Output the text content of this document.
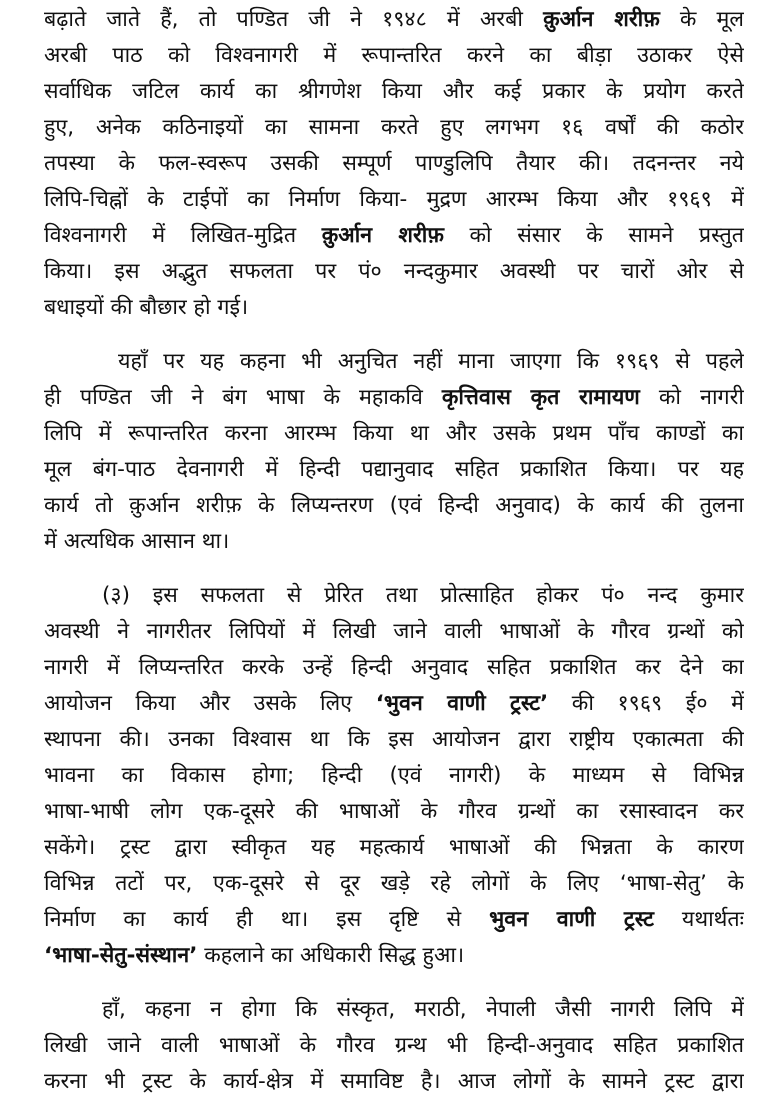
बढ़ाते जाते हैं, तो पण्डित जी ने १९४८ में अरबी क़ुर्आन शरीफ़ के मूल
अरबी पाठ को विश्वनागरी में रूपान्तरित करने का बीड़ा उठाकर ऐसे
सर्वाधिक जटिल कार्य का श्रीगणेश किया और कई प्रकार के प्रयोग करते
हुए, अनेक कठिनाइयों का सामना करते हुए लगभग १६ वर्षों की कठोर
तपस्या के फल-स्वरूप उसकी सम्पूर्ण पाण्डुलिपि तैयार की। तदनन्तर नये
लिपि-चिह्नों के टाईपों का निर्माण किया- मुद्रण आरम्भ किया और १९६९ में
विश्वनागरी में लिखित-मुद्रित क़ुर्आन शरीफ़ को संसार के सामने प्रस्तुत
किया। इस अद्भुत सफलता पर पं० नन्दकुमार अवस्थी पर चारों ओर से
बधाइयों की बौछार हो गई।
यहाँ पर यह कहना भी अनुचित नहीं माना जाएगा कि १९६९ से पहले
ही पण्डित जी ने बंग भाषा के महाकवि कृत्तिवास कृत रामायण को नागरी
लिपि में रूपान्तरित करना आरम्भ किया था और उसके प्रथम पाँच काण्डों का
मूल बंग-पाठ देवनागरी में हिन्दी पद्यानुवाद सहित प्रकाशित किया। पर यह
कार्य तो क़ुर्आन शरीफ़ के लिप्यन्तरण (एवं हिन्दी अनुवाद) के कार्य की तुलना
में अत्यधिक आसान था।
(३) इस सफलता से प्रेरित तथा प्रोत्साहित होकर पं० नन्द कुमार
अवस्थी ने नागरीतर लिपियों में लिखी जाने वाली भाषाओं के गौरव ग्रन्थों को
नागरी में लिप्यन्तरित करके उन्हें हिन्दी अनुवाद सहित प्रकाशित कर देने का
आयोजन किया और उसके लिए ‘भुवन वाणी ट्रस्ट’ की १९६९ ई० में
स्थापना की। उनका विश्वास था कि इस आयोजन द्वारा राष्ट्रीय एकात्मता की
भावना का विकास होगा; हिन्दी (एवं नागरी) के माध्यम से विभिन्न
भाषा-भाषी लोग एक-दूसरे की भाषाओं के गौरव ग्रन्थों का रसास्वादन कर
सकेंगे। ट्रस्ट द्वारा स्वीकृत यह महत्कार्य भाषाओं की भिन्नता के कारण
विभिन्न तटों पर, एक-दूसरे से दूर खड़े रहे लोगों के लिए ‘भाषा-सेतु’ के
निर्माण का कार्य ही था। इस दृष्टि से भुवन वाणी ट्रस्ट यथार्थतः
‘भाषा-सेतु-संस्थान’ कहलाने का अधिकारी सिद्ध हुआ।
हाँ, कहना न होगा कि संस्कृत, मराठी, नेपाली जैसी नागरी लिपि में
लिखी जाने वाली भाषाओं के गौरव ग्रन्थ भी हिन्दी-अनुवाद सहित प्रकाशित
करना भी ट्रस्ट के कार्य-क्षेत्र में समाविष्ट है। आज लोगों के सामने ट्रस्ट द्वारा
